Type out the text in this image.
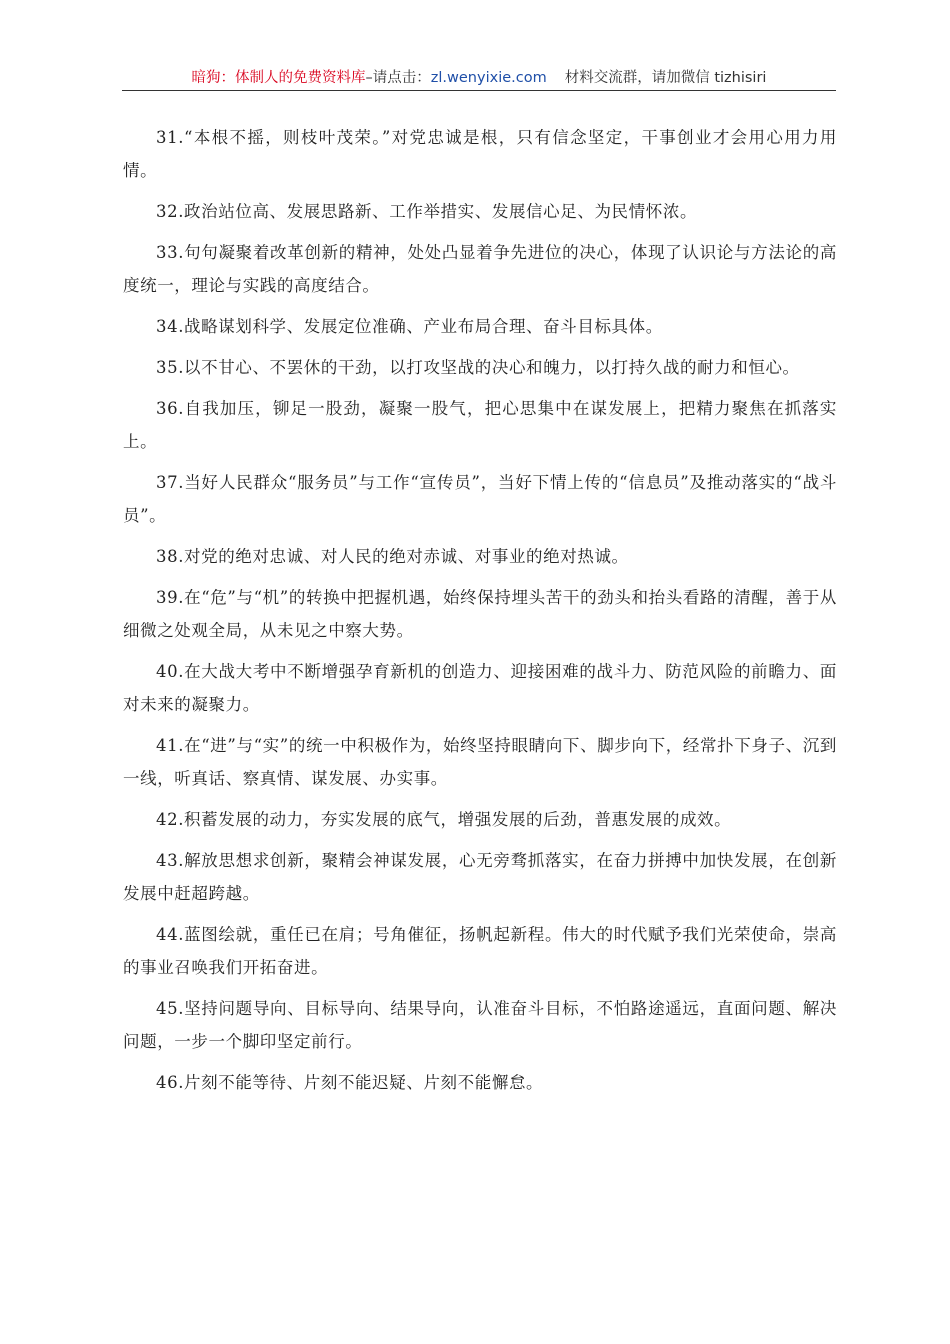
暗狗：体制人的免费资料库–请点击：zl.wenyixie.com 材料交流群，请加微信 tizhisiri

31.“本根不摇，则枝叶茂荣。”对党忠诚是根，只有信念坚定，干事创业才会用心用力用情。

32.政治站位高、发展思路新、工作举措实、发展信心足、为民情怀浓。

33.句句凝聚着改革创新的精神，处处凸显着争先进位的决心，体现了认识论与方法论的高度统一，理论与实践的高度结合。

34.战略谋划科学、发展定位准确、产业布局合理、奋斗目标具体。

35.以不甘心、不罢休的干劲，以打攻坚战的决心和魄力，以打持久战的耐力和恒心。

36.自我加压，铆足一股劲，凝聚一股气，把心思集中在谋发展上，把精力聚焦在抓落实上。

37.当好人民群众“服务员”与工作“宣传员”，当好下情上传的“信息员”及推动落实的“战斗员”。

38.对党的绝对忠诚、对人民的绝对赤诚、对事业的绝对热诚。

39.在“危”与“机”的转换中把握机遇，始终保持埋头苦干的劲头和抬头看路的清醒，善于从细微之处观全局，从未见之中察大势。

40.在大战大考中不断增强孕育新机的创造力、迎接困难的战斗力、防范风险的前瞻力、面对未来的凝聚力。

41.在“进”与“实”的统一中积极作为，始终坚持眼睛向下、脚步向下，经常扑下身子、沉到一线，听真话、察真情、谋发展、办实事。

42.积蓄发展的动力，夯实发展的底气，增强发展的后劲，普惠发展的成效。

43.解放思想求创新，聚精会神谋发展，心无旁骛抓落实，在奋力拼搏中加快发展，在创新发展中赶超跨越。

44.蓝图绘就，重任已在肩；号角催征，扬帆起新程。伟大的时代赋予我们光荣使命，崇高的事业召唤我们开拓奋进。

45.坚持问题导向、目标导向、结果导向，认准奋斗目标，不怕路途遥远，直面问题、解决问题，一步一个脚印坚定前行。

46.片刻不能等待、片刻不能迟疑、片刻不能懈怠。
